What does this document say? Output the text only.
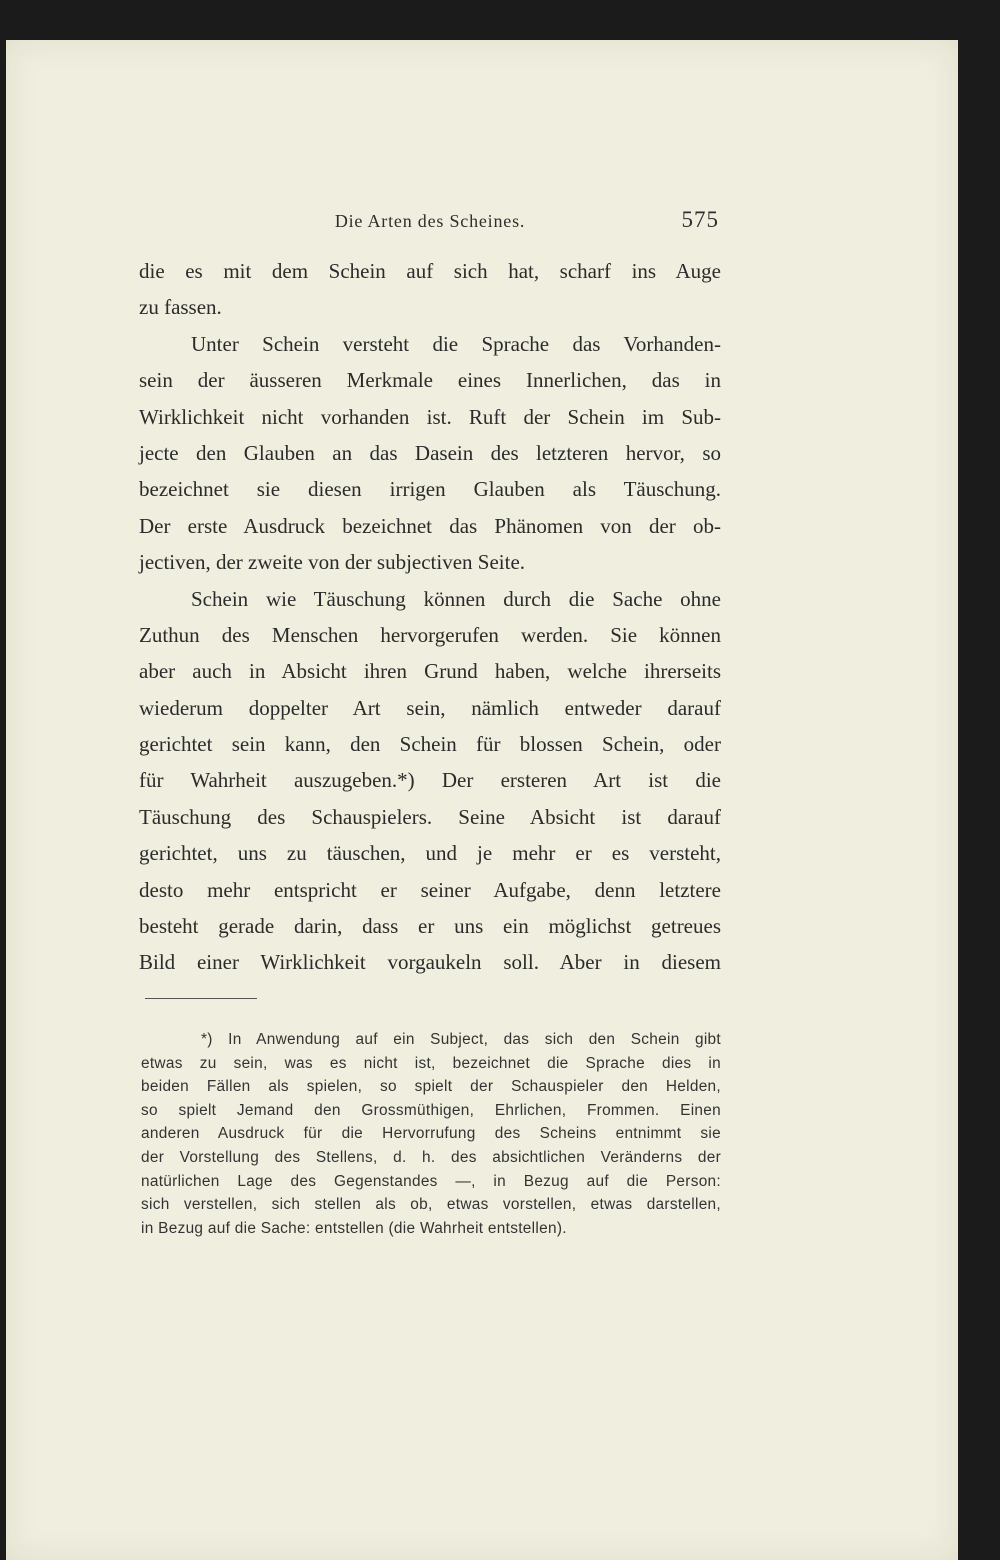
Die Arten des Scheines.	575
die es mit dem Schein auf sich hat, scharf ins Auge
zu fassen.
Unter Schein versteht die Sprache das Vorhanden-
sein der äusseren Merkmale eines Innerlichen, das in
Wirklichkeit nicht vorhanden ist. Ruft der Schein im Sub-
jecte den Glauben an das Dasein des letzteren hervor, so
bezeichnet sie diesen irrigen Glauben als Täuschung.
Der erste Ausdruck bezeichnet das Phänomen von der ob-
jectiven, der zweite von der subjectiven Seite.
Schein wie Täuschung können durch die Sache ohne
Zuthun des Menschen hervorgerufen werden. Sie können
aber auch in Absicht ihren Grund haben, welche ihrerseits
wiederum doppelter Art sein, nämlich entweder darauf
gerichtet sein kann, den Schein für blossen Schein, oder
für Wahrheit auszugeben.*) Der ersteren Art ist die
Täuschung des Schauspielers. Seine Absicht ist darauf
gerichtet, uns zu täuschen, und je mehr er es versteht,
desto mehr entspricht er seiner Aufgabe, denn letztere
besteht gerade darin, dass er uns ein möglichst getreues
Bild einer Wirklichkeit vorgaukeln soll. Aber in diesem
*) In Anwendung auf ein Subject, das sich den Schein gibt
etwas zu sein, was es nicht ist, bezeichnet die Sprache dies in
beiden Fällen als spielen, so spielt der Schauspieler den Helden,
so spielt Jemand den Grossmüthigen, Ehrlichen, Frommen. Einen
anderen Ausdruck für die Hervorrufung des Scheins entnimmt sie
der Vorstellung des Stellens, d. h. des absichtlichen Veränderns der
natürlichen Lage des Gegenstandes —, in Bezug auf die Person:
sich verstellen, sich stellen als ob, etwas vorstellen, etwas darstellen,
in Bezug auf die Sache: entstellen (die Wahrheit entstellen).
